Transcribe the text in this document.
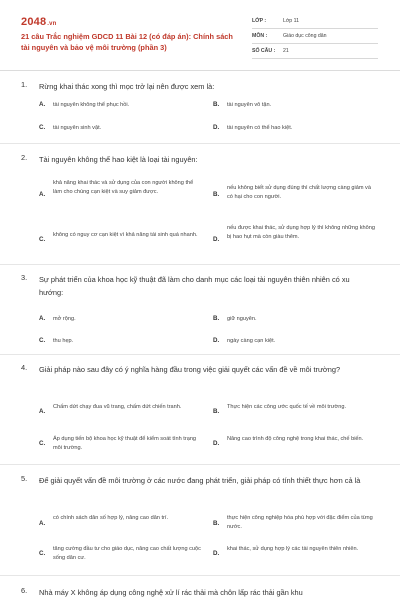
2048.vn
21 câu Trắc nghiệm GDCD 11 Bài 12 (có đáp án): Chính sách tài nguyên và bảo vệ môi trường (phần 3)
LỚP :	Lớp 11
MÔN :	Giáo dục công dân
SỐ CÂU :	21
1. Rừng khai thác xong thì mọc trở lại nên được xem là:
A. tài nguyên không thể phục hồi.	B. tài nguyên vô tận.
C. tài nguyên sinh vật.	D. tài nguyên có thể hao kiệt.
2. Tài nguyên không thể hao kiệt là loại tài nguyên:
A.
khả năng khai thác và sử dụng của con người không thể làm cho chúng cạn kiệt và suy giảm được.	B.
nếu không biết sử dụng đúng thì chất lượng càng giảm và có hại cho con người.
C.
không có nguy cơ cạn kiệt vì khả năng tái sinh quá nhanh.
D.
nếu được khai thác, sử dụng hợp lý thì không những không bị hao hụt mà còn giàu thêm.
3. Sự phát triển của khoa học kỹ thuật đã làm cho danh mục các loại tài nguyên thiên nhiên có xu hướng:
A. mở rộng.	B. giữ nguyên.
C. thu hẹp.	D. ngày càng cạn kiệt.
4. Giải pháp nào sau đây có ý nghĩa hàng đầu trong việc giải quyết các vấn đề về môi trường?
A.
Chấm dứt chạy đua vũ trang, chấm dứt chiến tranh.
B.
Thực hiện các công ước quốc tế về môi trường.
C.
Áp dụng tiến bộ khoa học kỹ thuật để kiểm soát tình trạng môi trường.
D.
Nâng cao trình độ công nghệ trong khai thác, chế biến.
5. Để giải quyết vấn đề môi trường ở các nước đang phát triển, giải pháp có tính thiết thực hơn cả là
A.
có chính sách dân số hợp lý, nâng cao dân trí.
B.
thực hiện công nghiệp hóa phù hợp với đặc điểm của từng nước.
C.
tăng cường đầu tư cho giáo dục, nâng cao chất lượng cuộc sống dân cư.
D.
khai thác, sử dụng hợp lý các tài nguyên thiên nhiên.
6. Nhà máy X không áp dụng công nghệ xử lí rác thải mà chôn lấp rác thải gần khu
